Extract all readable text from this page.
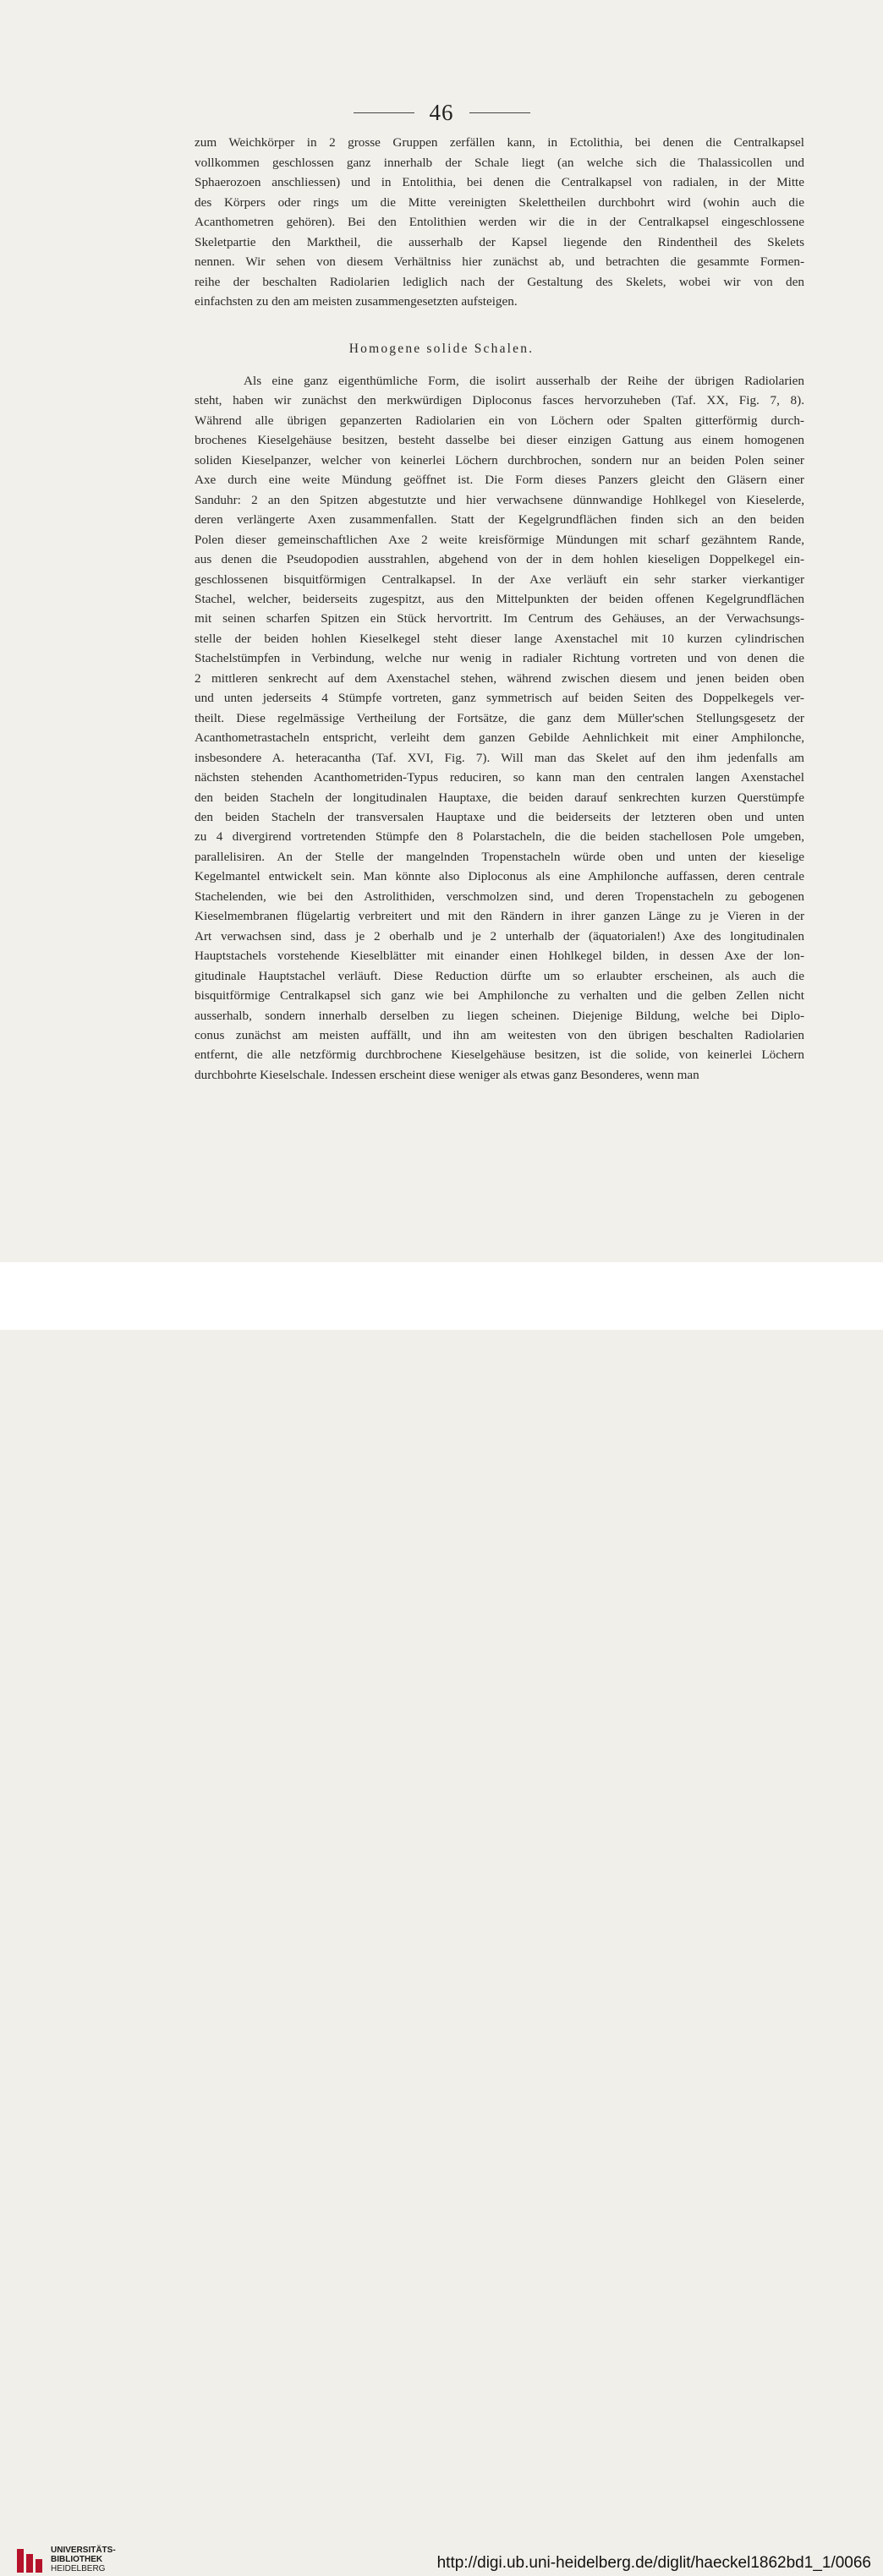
46
zum Weichkörper in 2 grosse Gruppen zerfällen kann, in Ectolithia, bei denen die Centralkapsel
vollkommen geschlossen ganz innerhalb der Schale liegt (an welche sich die Thalassicollen und
Sphaerozoen anschliessen) und in Entolithia, bei denen die Centralkapsel von radialen, in der Mitte
des Körpers oder rings um die Mitte vereinigten Skelettheilen durchbohrt wird (wohin auch die
Acanthometren gehören). Bei den Entolithien werden wir die in der Centralkapsel eingeschlossene
Skeletpartie den Marktheil, die ausserhalb der Kapsel liegende den Rindentheil des Skelets
nennen. Wir sehen von diesem Verhältniss hier zunächst ab, und betrachten die gesammte Formen-
reihe der beschalten Radiolarien lediglich nach der Gestaltung des Skelets, wobei wir von den
einfachsten zu den am meisten zusammengesetzten aufsteigen.
Homogene solide Schalen.
Als eine ganz eigenthümliche Form, die isolirt ausserhalb der Reihe der übrigen Radiolarien
steht, haben wir zunächst den merkwürdigen Diploconus fasces hervorzuheben (Taf. XX, Fig. 7, 8).
Während alle übrigen gepanzerten Radiolarien ein von Löchern oder Spalten gitterförmig durch-
brochenes Kieselgehäuse besitzen, besteht dasselbe bei dieser einzigen Gattung aus einem homogenen
soliden Kieselpanzer, welcher von keinerlei Löchern durchbrochen, sondern nur an beiden Polen seiner
Axe durch eine weite Mündung geöffnet ist. Die Form dieses Panzers gleicht den Gläsern einer
Sanduhr: 2 an den Spitzen abgestutzte und hier verwachsene dünnwandige Hohlkegel von Kieselerde,
deren verlängerte Axen zusammenfallen. Statt der Kegelgrundflächen finden sich an den beiden
Polen dieser gemeinschaftlichen Axe 2 weite kreisförmige Mündungen mit scharf gezähntem Rande,
aus denen die Pseudopodien ausstrahlen, abgehend von der in dem hohlen kieseligen Doppelkegel ein-
geschlossenen bisquitförmigen Centralkapsel. In der Axe verläuft ein sehr starker vierkantiger
Stachel, welcher, beiderseits zugespitzt, aus den Mittelpunkten der beiden offenen Kegelgrundflächen
mit seinen scharfen Spitzen ein Stück hervortritt. Im Centrum des Gehäuses, an der Verwachsungs-
stelle der beiden hohlen Kieselkegel steht dieser lange Axenstachel mit 10 kurzen cylindrischen
Stachelstümpfen in Verbindung, welche nur wenig in radialer Richtung vortreten und von denen die
2 mittleren senkrecht auf dem Axenstachel stehen, während zwischen diesem und jenen beiden oben
und unten jederseits 4 Stümpfe vortreten, ganz symmetrisch auf beiden Seiten des Doppelkegels ver-
theilt. Diese regelmässige Vertheilung der Fortsätze, die ganz dem Müller'schen Stellungsgesetz der
Acanthometrastacheln entspricht, verleiht dem ganzen Gebilde Aehnlichkeit mit einer Amphilonche,
insbesondere A. heteracantha (Taf. XVI, Fig. 7). Will man das Skelet auf den ihm jedenfalls am
nächsten stehenden Acanthometriden-Typus reduciren, so kann man den centralen langen Axenstachel
den beiden Stacheln der longitudinalen Hauptaxe, die beiden darauf senkrechten kurzen Querstümpfe
den beiden Stacheln der transversalen Hauptaxe und die beiderseits der letzteren oben und unten
zu 4 divergirend vortretenden Stümpfe den 8 Polarstacheln, die die beiden stachellosen Pole umgeben,
parallelisiren. An der Stelle der mangelnden Tropenstacheln würde oben und unten der kieselige
Kegelmantel entwickelt sein. Man könnte also Diploconus als eine Amphilonche auffassen, deren centrale
Stachelenden, wie bei den Astrolithiden, verschmolzen sind, und deren Tropenstacheln zu gebogenen
Kieselmembranen flügelartig verbreitert und mit den Rändern in ihrer ganzen Länge zu je Vieren in der
Art verwachsen sind, dass je 2 oberhalb und je 2 unterhalb der (äquatorialen!) Axe des longitudinalen
Hauptstachels vorstehende Kieselblätter mit einander einen Hohlkegel bilden, in dessen Axe der lon-
gitudinale Hauptstachel verläuft. Diese Reduction dürfte um so erlaubter erscheinen, als auch die
bisquitförmige Centralkapsel sich ganz wie bei Amphilonche zu verhalten und die gelben Zellen nicht
ausserhalb, sondern innerhalb derselben zu liegen scheinen. Diejenige Bildung, welche bei Diplo-
conus zunächst am meisten auffällt, und ihn am weitesten von den übrigen beschalten Radiolarien
entfernt, die alle netzförmig durchbrochene Kieselgehäuse besitzen, ist die solide, von keinerlei Löchern
durchbohrte Kieselschale. Indessen erscheint diese weniger als etwas ganz Besonderes, wenn man
UNIVERSITÄTS-
BIBLIOTHEK
HEIDELBERG	http://digi.ub.uni-heidelberg.de/diglit/haeckel1862bd1_1/0066
